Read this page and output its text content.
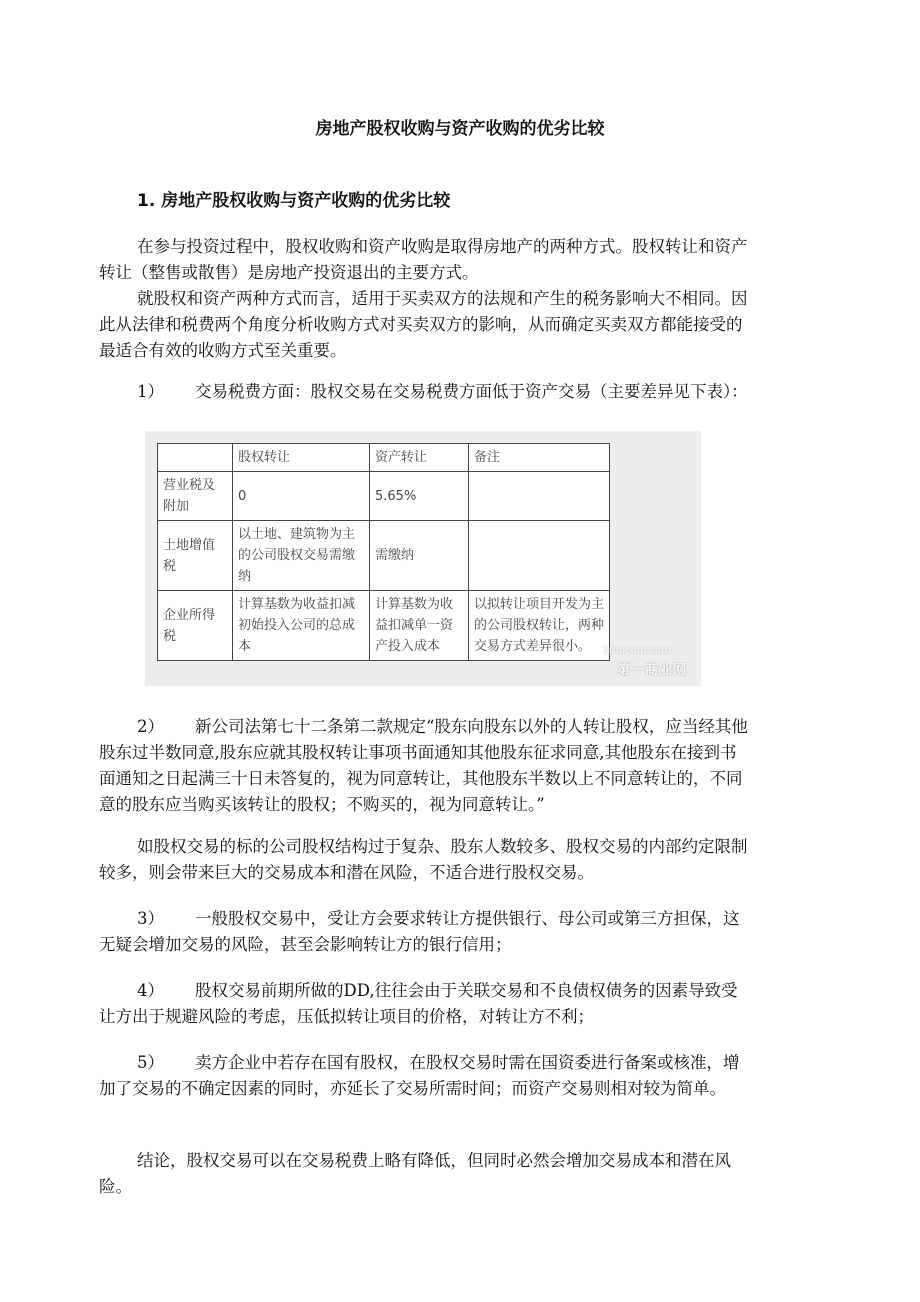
房地产股权收购与资产收购的优劣比较
1. 房地产股权收购与资产收购的优劣比较

在参与投资过程中，股权收购和资产收购是取得房地产的两种方式。股权转让和资产转让（整售或散售）是房地产投资退出的主要方式。

就股权和资产两种方式而言，适用于买卖双方的法规和产生的税务影响大不相同。因此从法律和税费两个角度分析收购方式对买卖双方的影响，从而确定买卖双方都能接受的最适合有效的收购方式至关重要。

1） 交易税费方面：股权交易在交易税费方面低于资产交易（主要差异见下表）：

	股权转让	资产转让	备注
营业税及附加	0	5.65%	
土地增值税	以土地、建筑物为主的公司股权交易需缴纳	需缴纳	
企业所得税	计算基数为收益扣减初始投入公司的总成本	计算基数为收益扣减单一资产投入成本	以拟转让项目开发为主的公司股权转让，两种交易方式差异很小。 1mpcom.com
第一商业网

2） 新公司法第七十二条第二款规定“股东向股东以外的人转让股权，应当经其他股东过半数同意,股东应就其股权转让事项书面通知其他股东征求同意,其他股东在接到书面通知之日起满三十日未答复的，视为同意转让，其他股东半数以上不同意转让的，不同意的股东应当购买该转让的股权；不购买的，视为同意转让。”

如股权交易的标的公司股权结构过于复杂、股东人数较多、股权交易的内部约定限制较多，则会带来巨大的交易成本和潜在风险，不适合进行股权交易。

3） 一般股权交易中，受让方会要求转让方提供银行、母公司或第三方担保，这无疑会增加交易的风险，甚至会影响转让方的银行信用；

4） 股权交易前期所做的DD,往往会由于关联交易和不良债权债务的因素导致受让方出于规避风险的考虑，压低拟转让项目的价格，对转让方不利；

5） 卖方企业中若存在国有股权，在股权交易时需在国资委进行备案或核准，增加了交易的不确定因素的同时，亦延长了交易所需时间；而资产交易则相对较为简单。

结论，股权交易可以在交易税费上略有降低，但同时必然会增加交易成本和潜在风险。
